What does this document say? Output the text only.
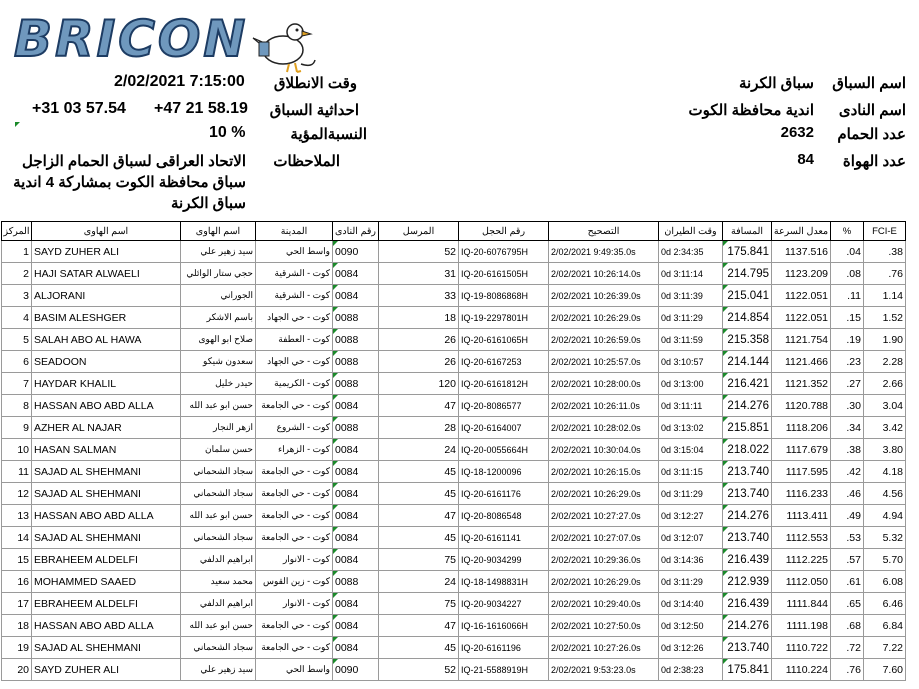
BRICON
اسم السباق
سباق الكرنة
اسم النادى
اندية محافظة الكوت
عدد الحمام
2632
عدد الهواة
84
وقت الانطلاق
2/02/2021 7:15:00
احداثية السباق
+31 03 57.54 +47 21 58.19
النسبةالمؤية
10 %
الملاحظات
الاتحاد العراقى لسباق الحمام الزاجل
سباق محافظة الكوت بمشاركة 4 اندية
سباق الكرنة
المركز	اسم الهاوى	اسم الهاوى	المدينة	رقم النادى	المرسل	رقم الحجل	التصحيح	وقت الطيران	المسافة	معدل السرعة	%	FCI-E
1	SAYD ZUHER ALI	سيد زهير علي	واسط الحي	0090	52	IQ-20-6076795H	2/02/2021 9:49:35.0s	0d 2:34:35	175.841	1137.516	.04	.38
2	HAJI SATAR ALWAELI	حجي ستار الوائلي	كوت - الشرقية	0084	31	IQ-20-6161505H	2/02/2021 10:26:14.0s	0d 3:11:14	214.795	1123.209	.08	.76
3	ALJORANI	الجوراني	كوت - الشرقية	0084	33	IQ-19-8086868H	2/02/2021 10:26:39.0s	0d 3:11:39	215.041	1122.051	.11	1.14
4	BASIM ALESHGER	باسم الاشكر	كوت - حي الجهاد	0088	18	IQ-19-2297801H	2/02/2021 10:26:29.0s	0d 3:11:29	214.854	1122.051	.15	1.52
5	SALAH ABO AL HAWA	صلاح ابو الهوى	كوت - العطفة	0088	26	IQ-20-6161065H	2/02/2021 10:26:59.0s	0d 3:11:59	215.358	1121.754	.19	1.90
6	SEADOON	سعدون شيكو	كوت - حي الجهاد	0088	26	IQ-20-6167253	2/02/2021 10:25:57.0s	0d 3:10:57	214.144	1121.466	.23	2.28
7	HAYDAR KHALIL	حيدر خليل	كوت - الكريمية	0088	120	IQ-20-6161812H	2/02/2021 10:28:00.0s	0d 3:13:00	216.421	1121.352	.27	2.66
8	HASSAN ABO ABD ALLA	حسن ابو عبد الله	كوت - حي الجامعة	0084	47	IQ-20-8086577	2/02/2021 10:26:11.0s	0d 3:11:11	214.276	1120.788	.30	3.04
9	AZHER AL NAJAR	ازهر النجار	كوت - الشروع	0088	28	IQ-20-6164007	2/02/2021 10:28:02.0s	0d 3:13:02	215.851	1118.206	.34	3.42
10	HASAN SALMAN	حسن سلمان	كوت - الزهراء	0084	24	IQ-20-0055664H	2/02/2021 10:30:04.0s	0d 3:15:04	218.022	1117.679	.38	3.80
11	SAJAD AL SHEHMANI	سجاد الشحماني	كوت - حي الجامعة	0084	45	IQ-18-1200096	2/02/2021 10:26:15.0s	0d 3:11:15	213.740	1117.595	.42	4.18
12	SAJAD AL SHEHMANI	سجاد الشحماني	كوت - حي الجامعة	0084	45	IQ-20-6161176	2/02/2021 10:26:29.0s	0d 3:11:29	213.740	1116.233	.46	4.56
13	HASSAN ABO ABD ALLA	حسن ابو عبد الله	كوت - حي الجامعة	0084	47	IQ-20-8086548	2/02/2021 10:27:27.0s	0d 3:12:27	214.276	1113.411	.49	4.94
14	SAJAD AL SHEHMANI	سجاد الشحماني	كوت - حي الجامعة	0084	45	IQ-20-6161141	2/02/2021 10:27:07.0s	0d 3:12:07	213.740	1112.553	.53	5.32
15	EBRAHEEM ALDELFI	ابراهيم الدلفي	كوت - الانوار	0084	75	IQ-20-9034299	2/02/2021 10:29:36.0s	0d 3:14:36	216.439	1112.225	.57	5.70
16	MOHAMMED SAAED	محمد سعيد	كوت - زين القوس	0088	24	IQ-18-1498831H	2/02/2021 10:26:29.0s	0d 3:11:29	212.939	1112.050	.61	6.08
17	EBRAHEEM ALDELFI	ابراهيم الدلفي	كوت - الانوار	0084	75	IQ-20-9034227	2/02/2021 10:29:40.0s	0d 3:14:40	216.439	1111.844	.65	6.46
18	HASSAN ABO ABD ALLA	حسن ابو عبد الله	كوت - حي الجامعة	0084	47	IQ-16-1616066H	2/02/2021 10:27:50.0s	0d 3:12:50	214.276	1111.198	.68	6.84
19	SAJAD AL SHEHMANI	سجاد الشحماني	كوت - حي الجامعة	0084	45	IQ-20-6161196	2/02/2021 10:27:26.0s	0d 3:12:26	213.740	1110.722	.72	7.22
20	SAYD ZUHER ALI	سيد زهير علي	واسط الحي	0090	52	IQ-21-5588919H	2/02/2021 9:53:23.0s	0d 2:38:23	175.841	1110.224	.76	7.60
